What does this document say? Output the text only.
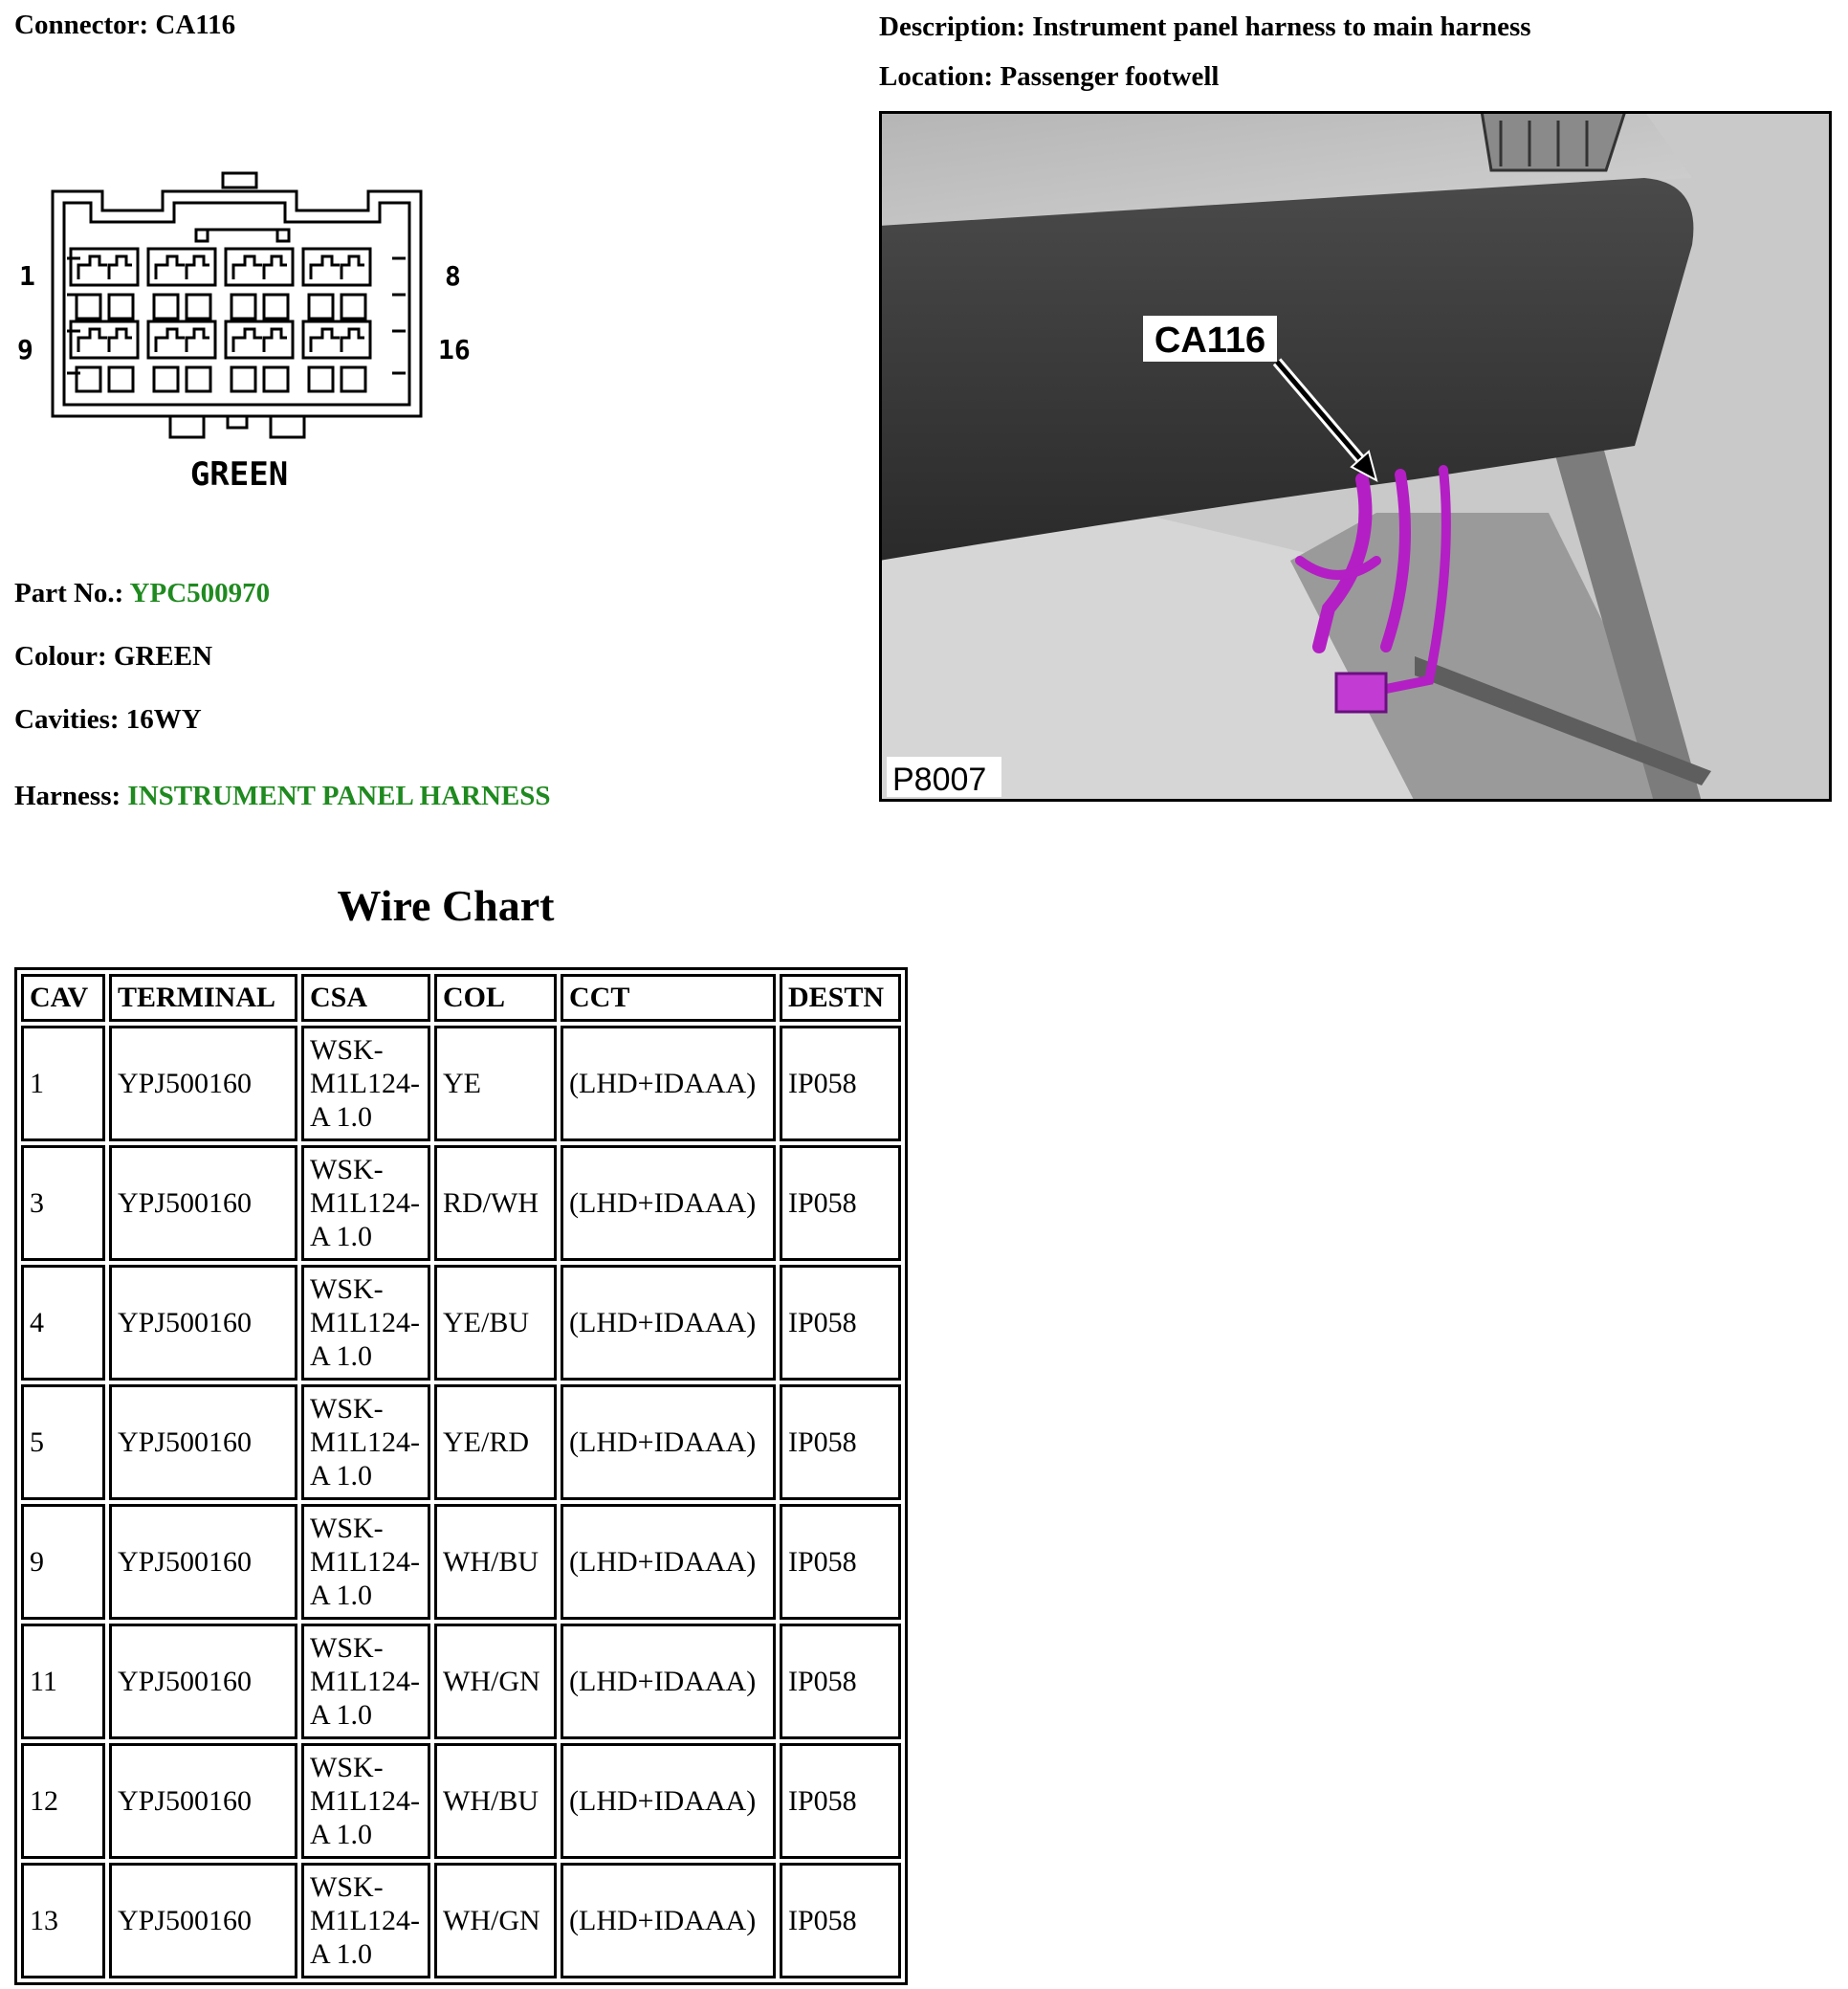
Connector: CA116	Description: Instrument panel harness to main harness
Location: Passenger footwell
1	8
9	16
GREEN
Part No.: YPC500970
Colour: GREEN
Cavities: 16WY
Harness: INSTRUMENT PANEL HARNESS
CA116
P8007
Wire Chart
CAV	TERMINAL	CSA	COL	CCT	DESTN
1	YPJ500160	WSK-M1L124-A 1.0	YE	(LHD+IDAAA)	IP058
3	YPJ500160	WSK-M1L124-A 1.0	RD/WH	(LHD+IDAAA)	IP058
4	YPJ500160	WSK-M1L124-A 1.0	YE/BU	(LHD+IDAAA)	IP058
5	YPJ500160	WSK-M1L124-A 1.0	YE/RD	(LHD+IDAAA)	IP058
9	YPJ500160	WSK-M1L124-A 1.0	WH/BU	(LHD+IDAAA)	IP058
11	YPJ500160	WSK-M1L124-A 1.0	WH/GN	(LHD+IDAAA)	IP058
12	YPJ500160	WSK-M1L124-A 1.0	WH/BU	(LHD+IDAAA)	IP058
13	YPJ500160	WSK-M1L124-A 1.0	WH/GN	(LHD+IDAAA)	IP058
